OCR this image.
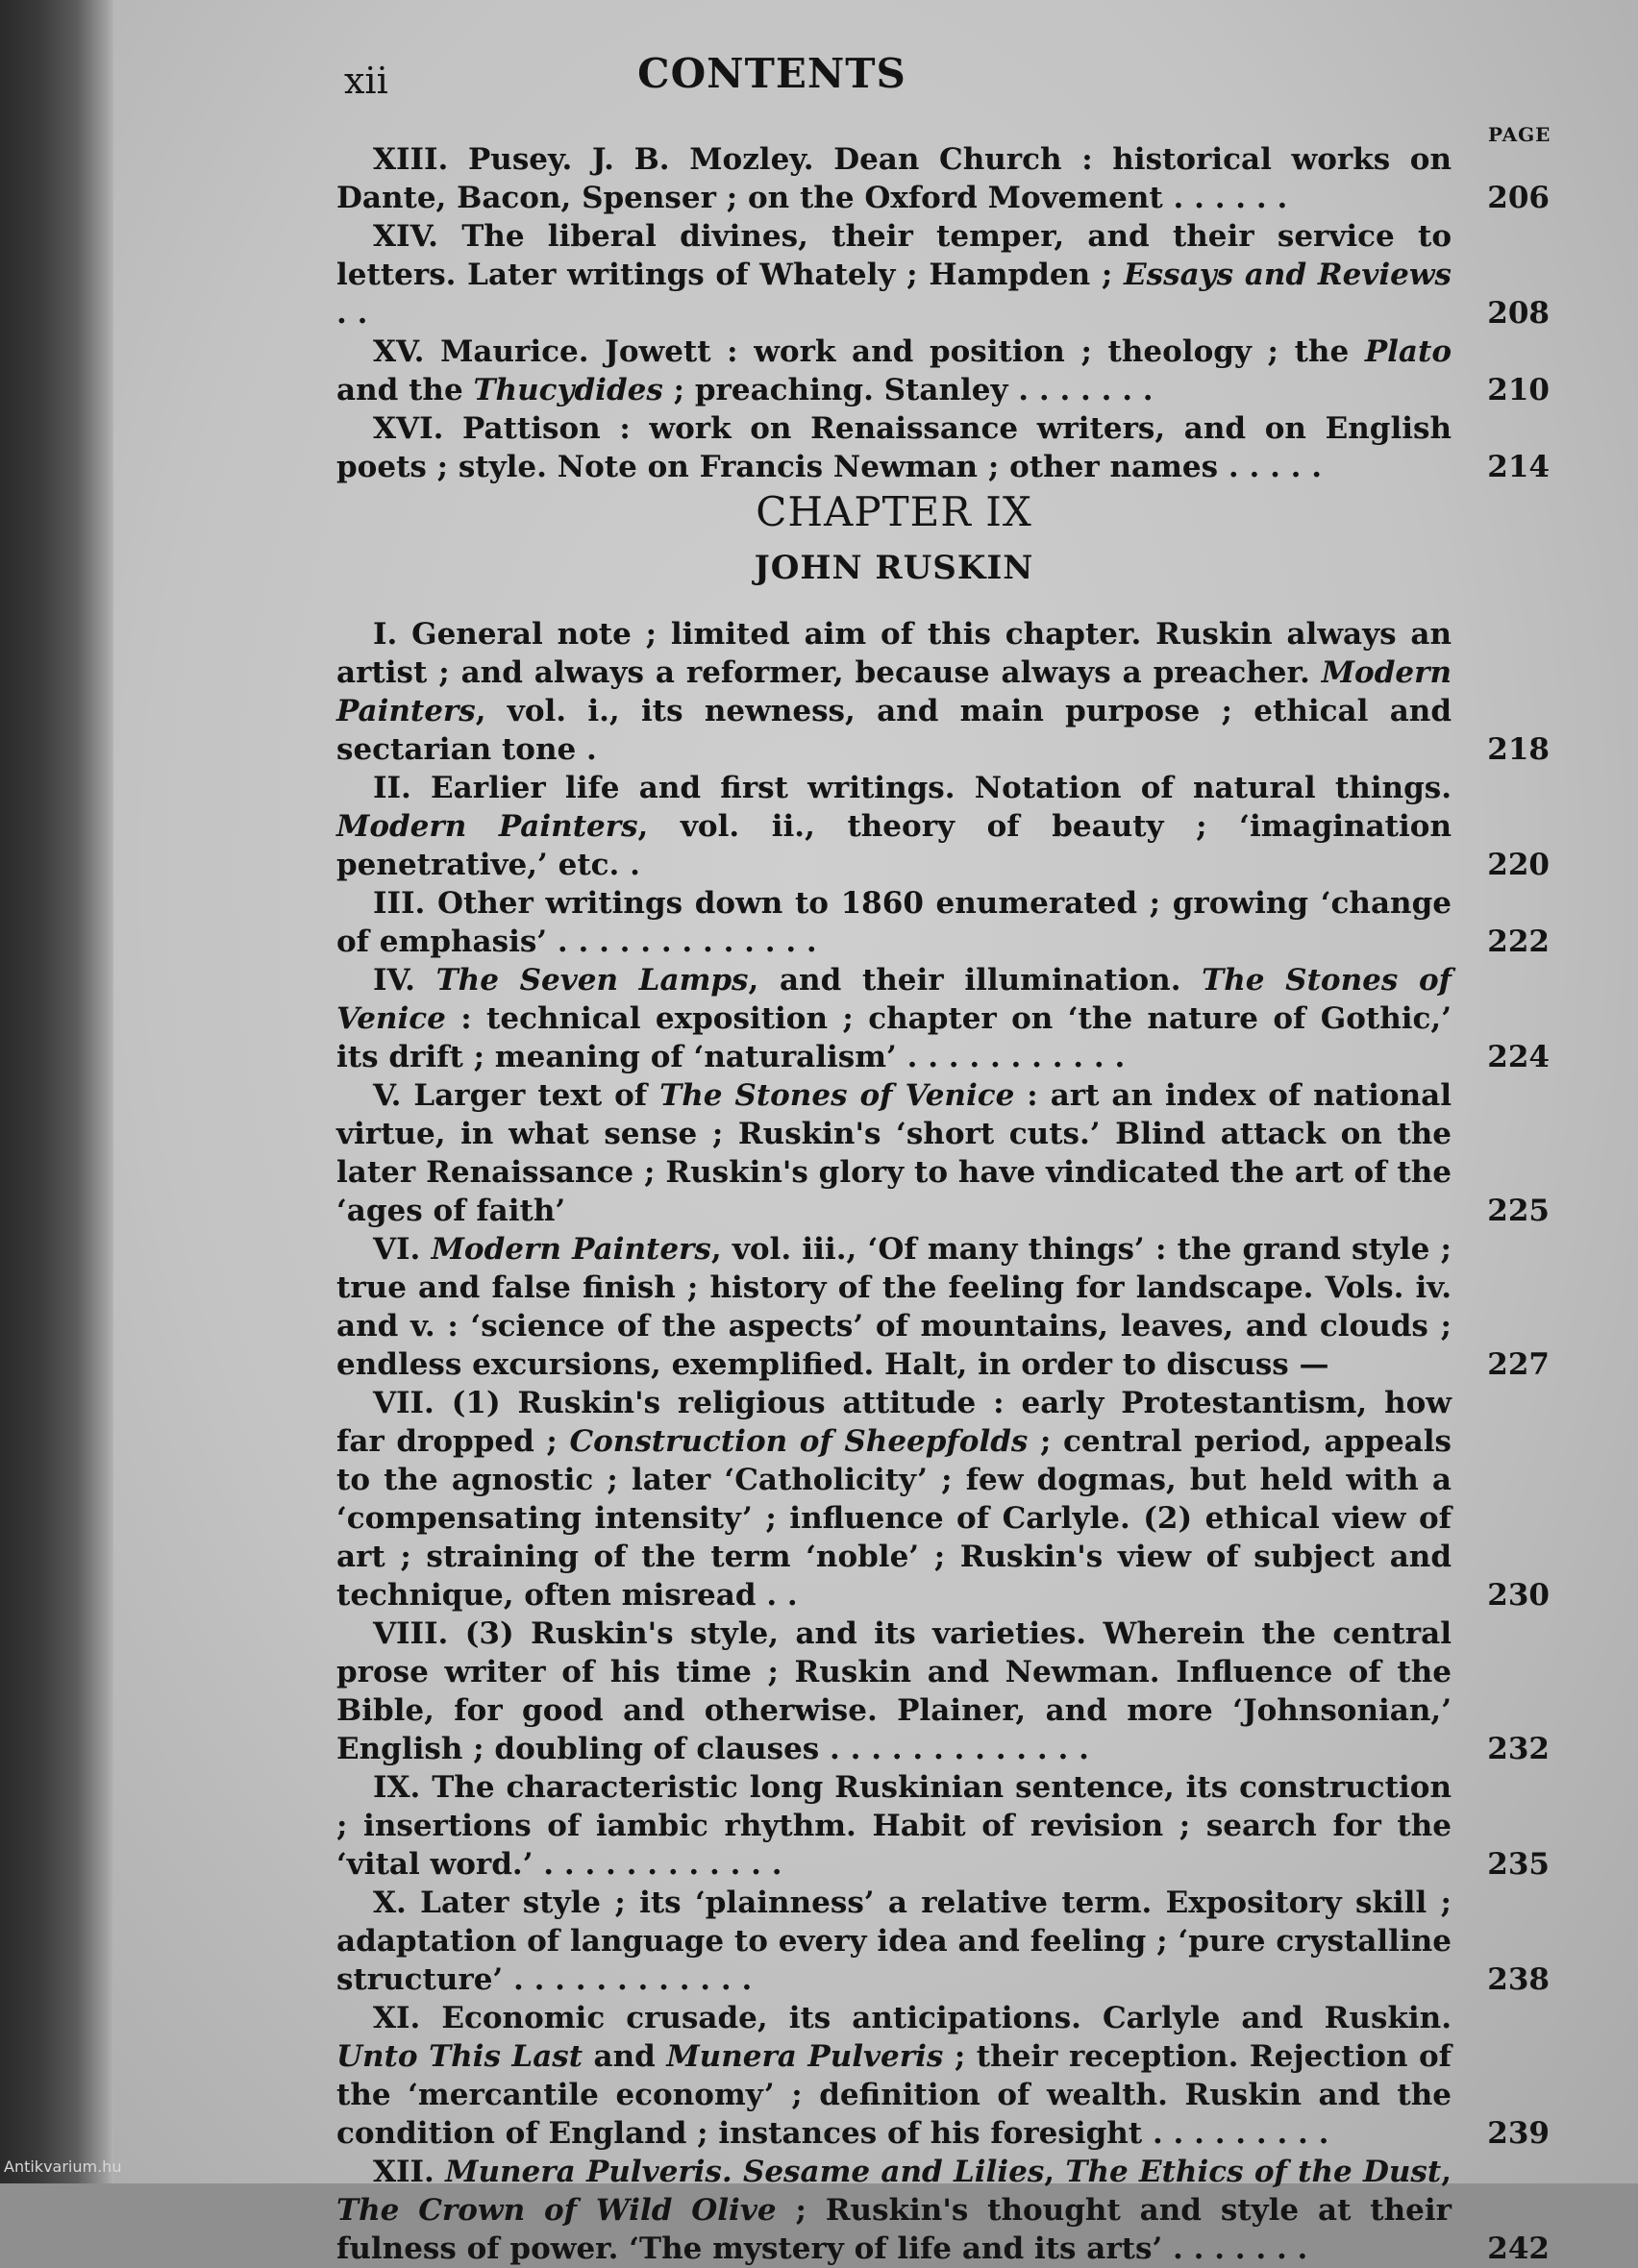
xii	CONTENTS
PAGE
XIII. Pusey. J. B. Mozley. Dean Church : historical works on Dante, Bacon, Spenser ; on the Oxford Movement . . . . . .	206
XIV. The liberal divines, their temper, and their service to letters. Later writings of Whately ; Hampden ; Essays and Reviews . .	208
XV. Maurice. Jowett : work and position ; theology ; the Plato and the Thucydides ; preaching. Stanley . . . . . . .	210
XVI. Pattison : work on Renaissance writers, and on English poets ; style. Note on Francis Newman ; other names . . . . .	214
CHAPTER IX
JOHN RUSKIN
I. General note ; limited aim of this chapter. Ruskin always an artist ; and always a reformer, because always a preacher. Modern Painters, vol. i., its newness, and main purpose ; ethical and sectarian tone .	218
II. Earlier life and first writings. Notation of natural things. Modern Painters, vol. ii., theory of beauty ; ‘imagination penetrative,’ etc. .	220
III. Other writings down to 1860 enumerated ; growing ‘change of emphasis’ . . . . . . . . . . . . .	222
IV. The Seven Lamps, and their illumination. The Stones of Venice : technical exposition ; chapter on ‘the nature of Gothic,’ its drift ; meaning of ‘naturalism’ . . . . . . . . . . .	224
V. Larger text of The Stones of Venice : art an index of national virtue, in what sense ; Ruskin's ‘short cuts.’ Blind attack on the later Renaissance ; Ruskin's glory to have vindicated the art of the ‘ages of faith’	225
VI. Modern Painters, vol. iii., ‘Of many things’ : the grand style ; true and false finish ; history of the feeling for landscape. Vols. iv. and v. : ‘science of the aspects’ of mountains, leaves, and clouds ; endless excursions, exemplified. Halt, in order to discuss —	227
VII. (1) Ruskin's religious attitude : early Protestantism, how far dropped ; Construction of Sheepfolds ; central period, appeals to the agnostic ; later ‘Catholicity’ ; few dogmas, but held with a ‘compensating intensity’ ; influence of Carlyle. (2) ethical view of art ; straining of the term ‘noble’ ; Ruskin's view of subject and technique, often misread . .	230
VIII. (3) Ruskin's style, and its varieties. Wherein the central prose writer of his time ; Ruskin and Newman. Influence of the Bible, for good and otherwise. Plainer, and more ‘Johnsonian,’ English ; doubling of clauses . . . . . . . . . . . . .	232
IX. The characteristic long Ruskinian sentence, its construction ; insertions of iambic rhythm. Habit of revision ; search for the ‘vital word.’ . . . . . . . . . . . .	235
X. Later style ; its ‘plainness’ a relative term. Expository skill ; adaptation of language to every idea and feeling ; ‘pure crystalline structure’ . . . . . . . . . . . .	238
XI. Economic crusade, its anticipations. Carlyle and Ruskin. Unto This Last and Munera Pulveris ; their reception. Rejection of the ‘mercantile economy’ ; definition of wealth. Ruskin and the condition of England ; instances of his foresight . . . . . . . . .	239
XII. Munera Pulveris. Sesame and Lilies, The Ethics of the Dust, The Crown of Wild Olive ; Ruskin's thought and style at their fulness of power. ‘The mystery of life and its arts’ . . . . . . .	242
Antikvarium.hu
